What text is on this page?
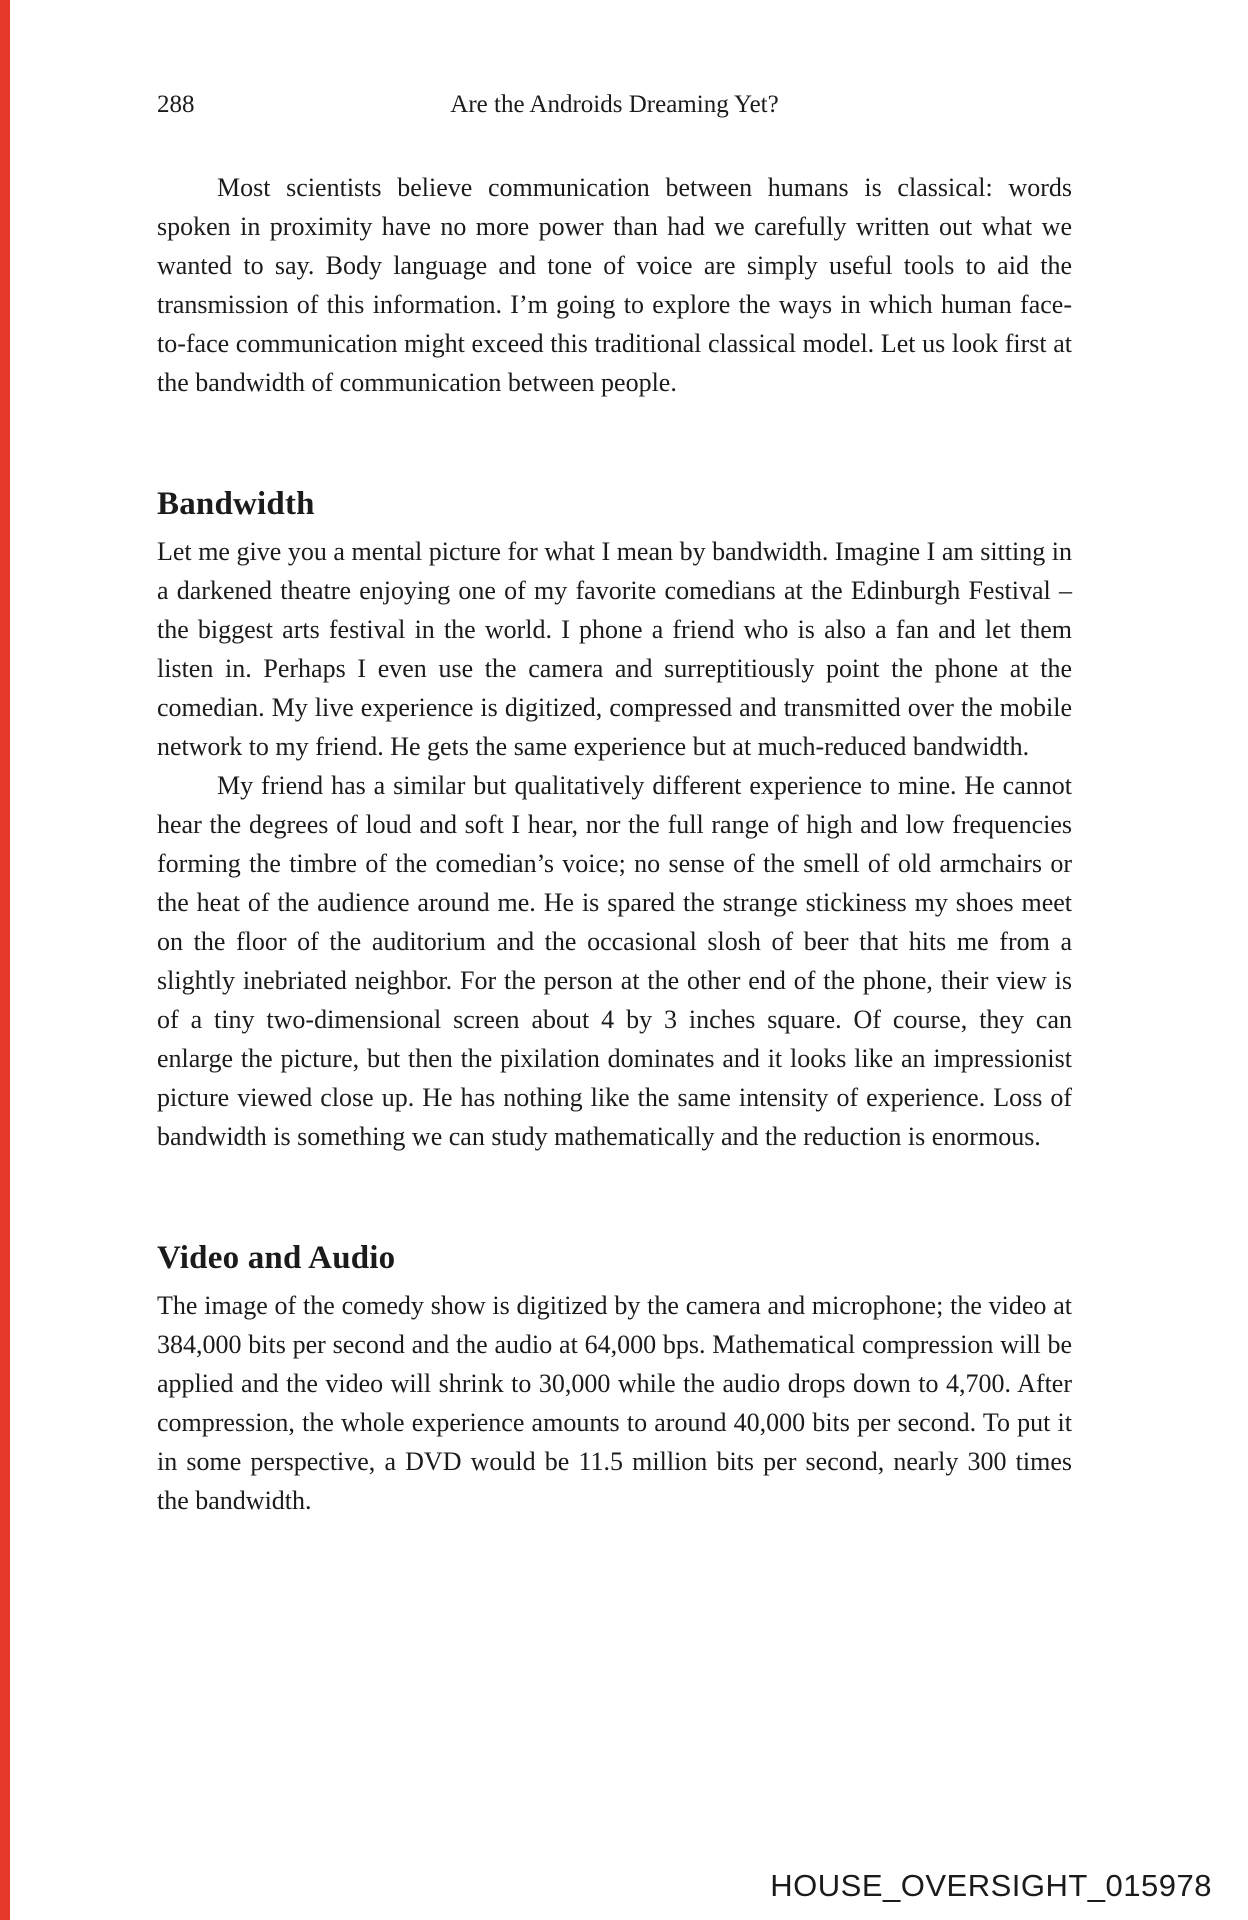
288	Are the Androids Dreaming Yet?

Most scientists believe communication between humans is classical: words spoken in proximity have no more power than had we carefully written out what we wanted to say. Body language and tone of voice are simply useful tools to aid the transmission of this information. I’m going to explore the ways in which human face-to-face communication might exceed this traditional classical model. Let us look first at the bandwidth of communication between people.

Bandwidth

Let me give you a mental picture for what I mean by bandwidth. Imagine I am sitting in a darkened theatre enjoying one of my favorite comedians at the Edinburgh Festival – the biggest arts festival in the world. I phone a friend who is also a fan and let them listen in. Perhaps I even use the camera and surreptitiously point the phone at the comedian. My live experience is digitized, compressed and transmitted over the mobile network to my friend. He gets the same experience but at much-reduced bandwidth.

My friend has a similar but qualitatively different experience to mine. He cannot hear the degrees of loud and soft I hear, nor the full range of high and low frequencies forming the timbre of the comedian’s voice; no sense of the smell of old armchairs or the heat of the audience around me. He is spared the strange stickiness my shoes meet on the floor of the auditorium and the occasional slosh of beer that hits me from a slightly inebriated neighbor. For the person at the other end of the phone, their view is of a tiny two-dimensional screen about 4 by 3 inches square. Of course, they can enlarge the picture, but then the pixilation dominates and it looks like an impressionist picture viewed close up. He has nothing like the same intensity of experience. Loss of bandwidth is something we can study mathematically and the reduction is enormous.

Video and Audio

The image of the comedy show is digitized by the camera and microphone; the video at 384,000 bits per second and the audio at 64,000 bps. Mathematical compression will be applied and the video will shrink to 30,000 while the audio drops down to 4,700. After compression, the whole experience amounts to around 40,000 bits per second. To put it in some perspective, a DVD would be 11.5 million bits per second, nearly 300 times the bandwidth.

HOUSE_OVERSIGHT_015978
